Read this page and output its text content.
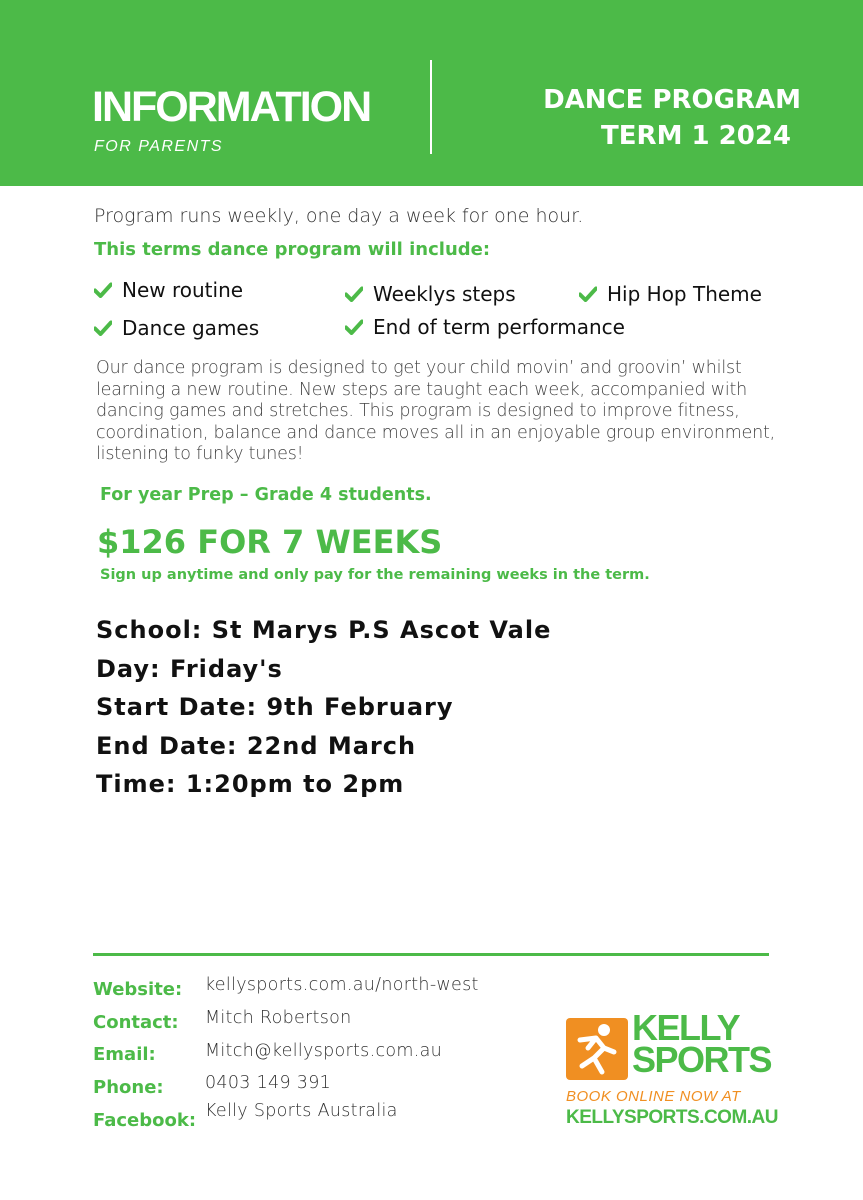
INFORMATION
FOR PARENTS
DANCE PROGRAM
TERM 1 2024
Program runs weekly, one day a week for one hour.
This terms dance program will include:
New routine	Weeklys steps	Hip Hop Theme
Dance games	End of term performance
Our dance program is designed to get your child movin’ and groovin’ whilst learning a new routine. New steps are taught each week, accompanied with dancing games and stretches. This program is designed to improve fitness, coordination, balance and dance moves all in an enjoyable group environment, listening to funky tunes!
For year Prep – Grade 4 students.
$126 FOR 7 WEEKS
Sign up anytime and only pay for the remaining weeks in the term.
School: St Marys P.S Ascot Vale
Day: Friday's
Start Date: 9th February
End Date: 22nd March
Time: 1:20pm to 2pm
Website: kellysports.com.au/north-west
Contact: Mitch Robertson
Email:	Mitch@kellysports.com.au
Phone: 0403 149 391
Facebook: Kelly Sports Australia
KELLY
SPORTS
BOOK ONLINE NOW AT
KELLYSPORTS.COM.AU
